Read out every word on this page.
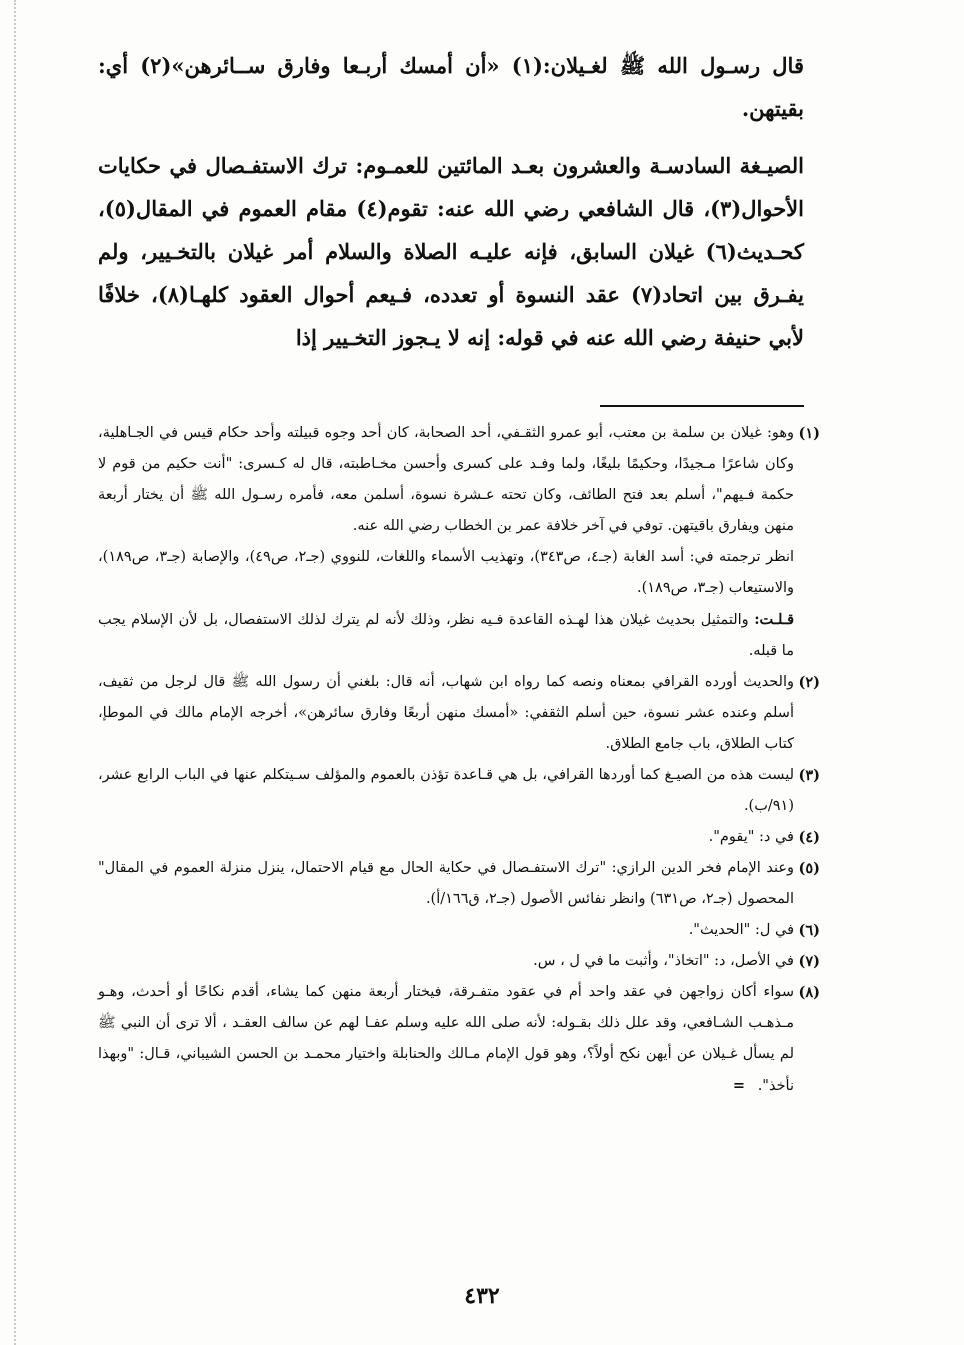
قال رسـول الله ﷺ لغـيلان:(١) «أن أمسك أربـعا وفارق ســائرهن»(٢) أي: بقيتهن.

الصيـغة السادسـة والعشرون بعـد المائتين للعمـوم: ترك الاستفـصال في حكايات الأحوال(٣)، قال الشافعي رضي الله عنه: تقوم(٤) مقام العموم في المقال(٥)، كحـديث(٦) غيلان السابق، فإنه عليـه الصلاة والسلام أمر غيلان بالتخـيير، ولم يفـرق بين اتحاد(٧) عقد النسوة أو تعدده، فـيعم أحوال العقود كلهـا(٨)، خلافًا لأبي حنيفة رضي الله عنه في قوله: إنه لا يـجوز التخـيير إذا

(١)
وهو: غيلان بن سلمة بن معتب، أبو عمرو الثقـفي، أحد الصحابة، كان أحد وجوه قبيلته وأحد حكام قيس في الجـاهلية، وكان شاعرًا مـجيدًا، وحكيمًا بليغًا، ولما وفـد على كسرى وأحسن مخـاطبته، قال له كـسرى: "أنت حكيم من قوم لا حكمة فـيهم"، أسلم بعد فتح الطائف، وكان تحته عـشرة نسوة، أسلمن معه، فأمره رسـول الله ﷺ أن يختار أربعة منهن ويفارق باقيتهن. توفي في آخر خلافة عمر بن الخطاب رضي الله عنه.
انظر ترجمته في: أسد الغابة (جـ٤، ص٣٤٣)، وتهذيب الأسماء واللغات، للنووي (جـ٢، ص٤٩)، والإصابة (جـ٣، ص١٨٩)، والاستيعاب (جـ٣، ص١٨٩).
قـلـت: والتمثيل بحديث غيلان هذا لهـذه القاعدة فـيه نظر، وذلك لأنه لم يترك لذلك الاستفصال، بل لأن الإسلام يجب ما قبله.
(٢)
والحديث أورده القرافي بمعناه ونصه كما رواه ابن شهاب، أنه قال: بلغني أن رسول الله ﷺ قال لرجل من ثقيف، أسلم وعنده عشر نسوة، حين أسلم الثقفي: «أمسك منهن أربعًا وفارق سائرهن»، أخرجه الإمام مالك في الموطإ، كتاب الطلاق، باب جامع الطلاق.
(٣)
ليست هذه من الصيـغ كما أوردها القرافي، بل هي قـاعدة تؤذن بالعموم والمؤلف سـيتكلم عنها في الباب الرابع عشر، (٩١/ب).
(٤)
في د: "يقوم".
(٥)
وعند الإمام فخر الدين الرازي: "ترك الاستفـصال في حكاية الحال مع قيام الاحتمال، ينزل منزلة العموم في المقال" المحصول (جـ٢، ص٦٣١) وانظر نفائس الأصول (جـ٢، ق١٦٦/أ).
(٦)
في ل: "الحديث".
(٧)
في الأصل، د: "اتخاذ"، وأثبت ما في ل ، س.
(٨)
سواء أكان زواجهن في عقد واحد أم في عقود متفـرقة، فيختار أربعة منهن كما يشاء، أقدم نكاحًا أو أحدث، وهـو مـذهـب الشـافعي، وقد علل ذلك بقـوله: لأنه صلى الله عليه وسلم عفـا لهم عن سالف العقـد ، ألا ترى أن النبي ﷺ لم يسأل غـيلان عن أيهن نكح أولاً؟، وهو قول الإمام مـالك والحنابلة واختيار محمـد بن الحسن الشيباني، قـال: "وبهذا نأخذ". =
٤٣٢
